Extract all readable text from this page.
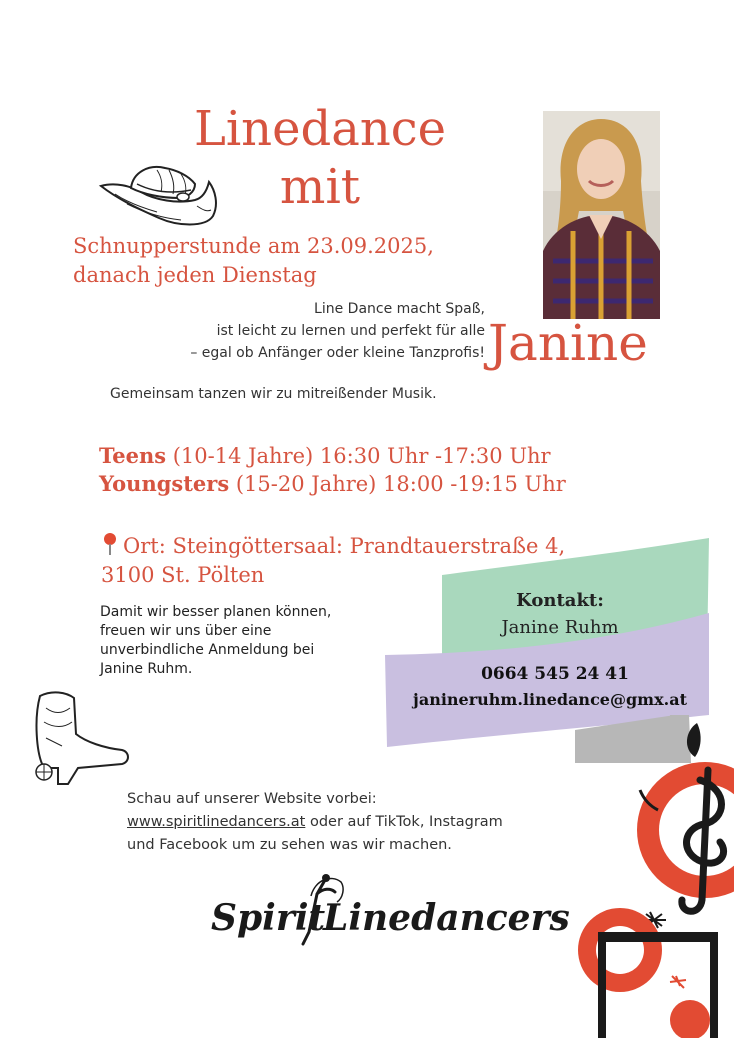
Linedance
mit
Schnupperstunde am 23.09.2025,
danach jeden Dienstag
Line Dance macht Spaß,
ist leicht zu lernen und perfekt für alle
– egal ob Anfänger oder kleine Tanzprofis! Janine
Gemeinsam tanzen wir zu mitreißender Musik.
Teens (10-14 Jahre) 16:30 Uhr -17:30 Uhr
Youngsters (15-20 Jahre) 18:00 -19:15 Uhr
Ort: Steingöttersaal: Prandtauerstraße 4,
3100 St. Pölten
Kontakt:
Janine Ruhm
0664 545 24 41
janineruhm.linedance@gmx.at
Damit wir besser planen können,
freuen wir uns über eine
unverbindliche Anmeldung bei
Janine Ruhm.
Schau auf unserer Website vorbei:
www.spiritlinedancers.at oder auf TikTok, Instagram
und Facebook um zu sehen was wir machen.
Spirit
Linedancers
